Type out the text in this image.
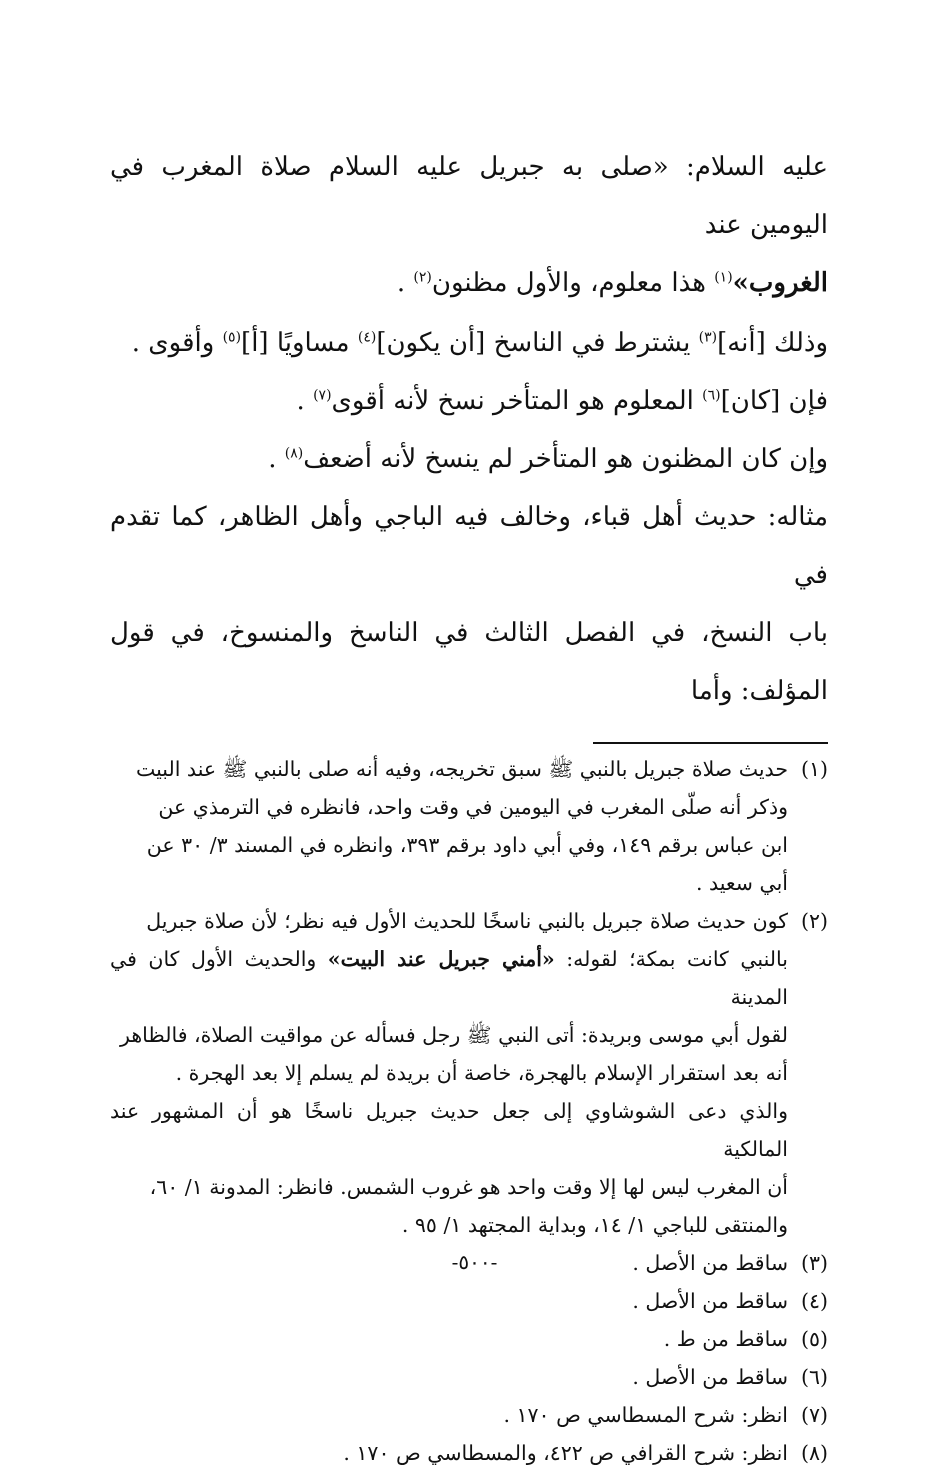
عليه السلام: «صلى به جبريل عليه السلام صلاة المغرب في اليومين عند
الغروب»$^{(١)}$ هذا معلوم، والأول مظنون$^{(٢)}$ .

وذلك [أنه]$^{(٣)}$ يشترط في الناسخ [أن يكون]$^{(٤)}$ مساويًا [أ]$^{(٥)}$ وأقوى .

فإن [كان]$^{(٦)}$ المعلوم هو المتأخر نسخ لأنه أقوى$^{(٧)}$ .

وإن كان المظنون هو المتأخر لم ينسخ لأنه أضعف$^{(٨)}$ .

مثاله: حديث أهل قباء، وخالف فيه الباجي وأهل الظاهر، كما تقدم في
باب النسخ، في الفصل الثالث في الناسخ والمنسوخ، في قول المؤلف: وأما

(١)
حديث صلاة جبريل بالنبي ﷺ سبق تخريجه، وفيه أنه صلى بالنبي ﷺ عند البيت
وذكر أنه صلّى المغرب في اليومين في وقت واحد، فانظره في الترمذي عن
ابن عباس برقم ١٤٩، وفي أبي داود برقم ٣٩٣، وانظره في المسند ٣/ ٣٠ عن
أبي سعيد .
(٢)
كون حديث صلاة جبريل بالنبي ناسخًا للحديث الأول فيه نظر؛ لأن صلاة جبريل
بالنبي كانت بمكة؛ لقوله: «أمني جبريل عند البيت» والحديث الأول كان في المدينة
لقول أبي موسى وبريدة: أتى النبي ﷺ رجل فسأله عن مواقيت الصلاة، فالظاهر
أنه بعد استقرار الإسلام بالهجرة، خاصة أن بريدة لم يسلم إلا بعد الهجرة .
والذي دعى الشوشاوي إلى جعل حديث جبريل ناسخًا هو أن المشهور عند المالكية
أن المغرب ليس لها إلا وقت واحد هو غروب الشمس. فانظر: المدونة ١/ ٦٠،
والمنتقى للباجي ١/ ١٤، وبداية المجتهد ١/ ٩٥ .
(٣)
ساقط من الأصل .
(٤)
ساقط من الأصل .
(٥)
ساقط من ط .
(٦)
ساقط من الأصل .
(٧)
انظر: شرح المسطاسي ص ١٧٠ .
(٨)
انظر: شرح القرافي ص ٤٢٢، والمسطاسي ص ١٧٠ .
-٥٠٠-
